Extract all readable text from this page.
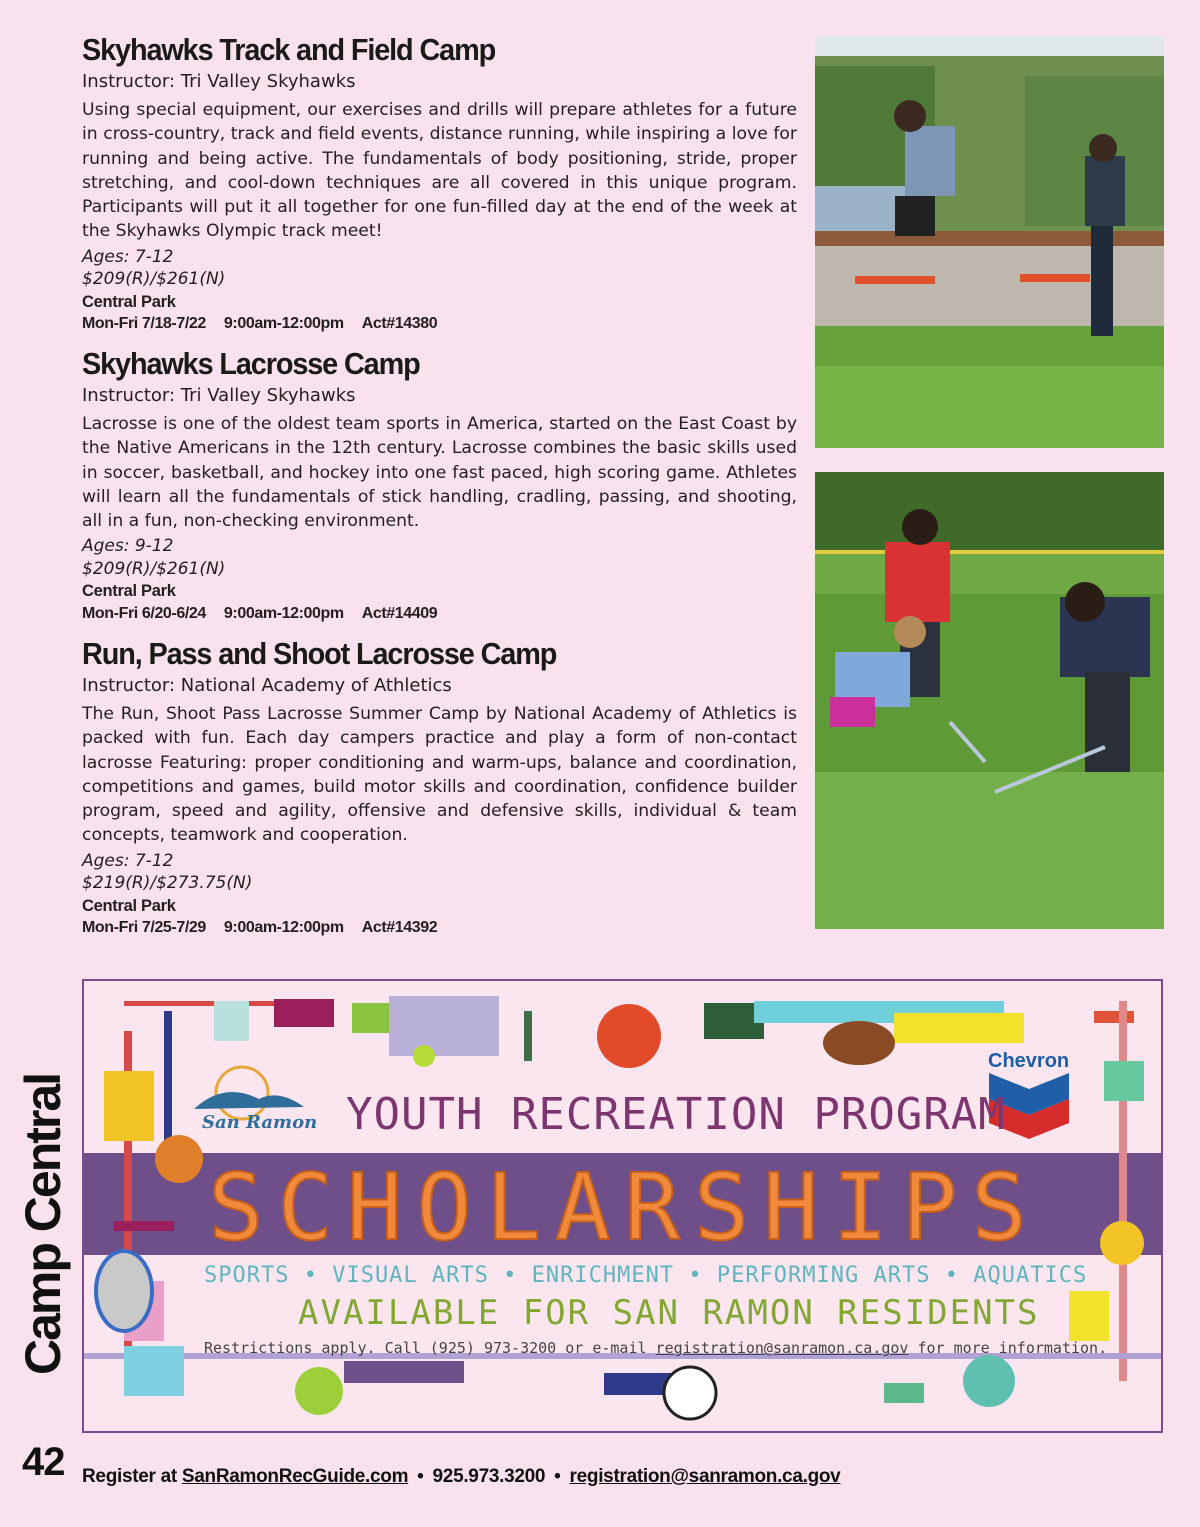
Skyhawks Track and Field Camp
Instructor: Tri Valley Skyhawks
Using special equipment, our exercises and drills will prepare athletes for a future in cross-country, track and field events, distance running, while inspiring a love for running and being active. The fundamentals of body positioning, stride, proper stretching, and cool-down techniques are all covered in this unique program. Participants will put it all together for one fun-filled day at the end of the week at the Skyhawks Olympic track meet!
Ages: 7-12
$209(R)/$261(N)
Central Park
Mon-Fri 7/18-7/22 9:00am-12:00pm Act#14380
Skyhawks Lacrosse Camp
Instructor: Tri Valley Skyhawks
Lacrosse is one of the oldest team sports in America, started on the East Coast by the Native Americans in the 12th century. Lacrosse combines the basic skills used in soccer, basketball, and hockey into one fast paced, high scoring game. Athletes will learn all the fundamentals of stick handling, cradling, passing, and shooting, all in a fun, non-checking environment.
Ages: 9-12
$209(R)/$261(N)
Central Park
Mon-Fri 6/20-6/24 9:00am-12:00pm Act#14409
Run, Pass and Shoot Lacrosse Camp
Instructor: National Academy of Athletics
The Run, Shoot Pass Lacrosse Summer Camp by National Academy of Athletics is packed with fun. Each day campers practice and play a form of non-contact lacrosse Featuring: proper conditioning and warm-ups, balance and coordination, competitions and games, build motor skills and coordination, confidence builder program, speed and agility, offensive and defensive skills, individual & team concepts, teamwork and cooperation.
Ages: 7-12
$219(R)/$273.75(N)
Central Park
Mon-Fri 7/25-7/29 9:00am-12:00pm Act#14392
San Ramon
Chevron
YOUTH RECREATION PROGRAM
SCHOLARSHIPS
SPORTS • VISUAL ARTS • ENRICHMENT • PERFORMING ARTS • AQUATICS
AVAILABLE FOR SAN RAMON RESIDENTS
Restrictions apply. Call (925) 973-3200 or e-mail registration@sanramon.ca.gov for more information.
Camp Central
42 Register at SanRamonRecGuide.com • 925.973.3200 • registration@sanramon.ca.gov
